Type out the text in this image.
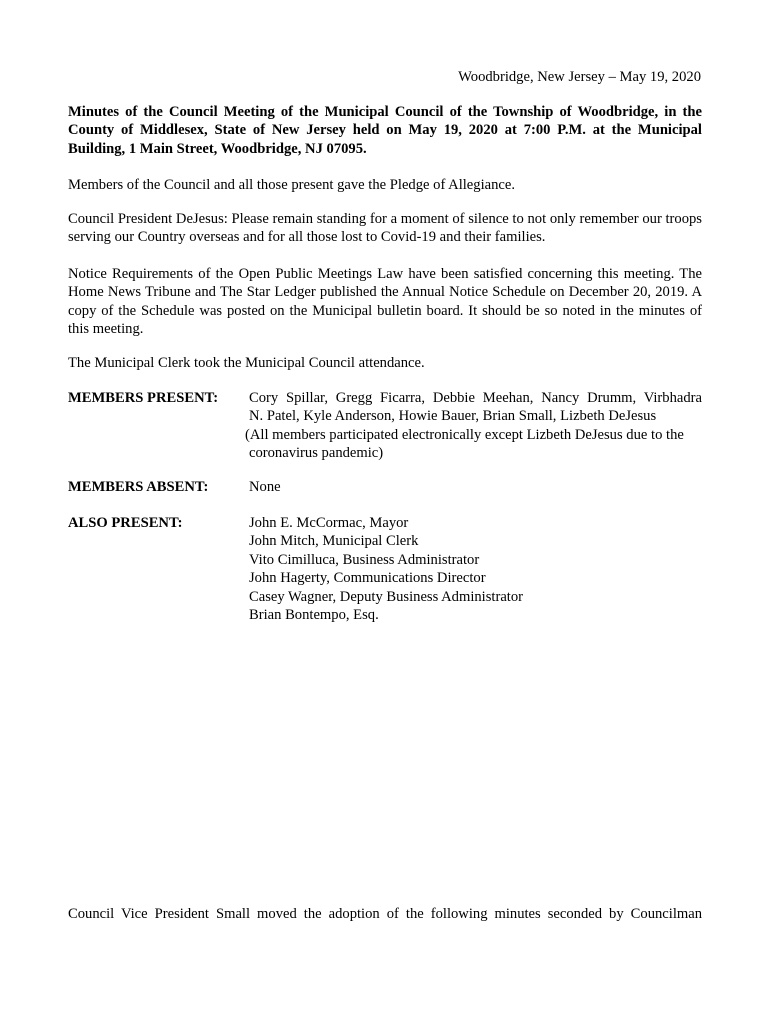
Woodbridge, New Jersey – May 19, 2020

Minutes of the Council Meeting of the Municipal Council of the Township of Woodbridge, in the County of Middlesex, State of New Jersey held on May 19, 2020 at 7:00 P.M. at the Municipal Building, 1 Main Street, Woodbridge, NJ 07095.

Members of the Council and all those present gave the Pledge of Allegiance.

Council President DeJesus: Please remain standing for a moment of silence to not only remember our troops serving our Country overseas and for all those lost to Covid-19 and their families.

Notice Requirements of the Open Public Meetings Law have been satisfied concerning this meeting. The Home News Tribune and The Star Ledger published the Annual Notice Schedule on December 20, 2019. A copy of the Schedule was posted on the Municipal bulletin board. It should be so noted in the minutes of this meeting.

The Municipal Clerk took the Municipal Council attendance.

MEMBERS PRESENT: Cory Spillar, Gregg Ficarra, Debbie Meehan, Nancy Drumm, Virbhadra
N. Patel, Kyle Anderson, Howie Bauer, Brian Small, Lizbeth DeJesus
(All members participated electronically except Lizbeth DeJesus due to the
coronavirus pandemic)
MEMBERS ABSENT:	None
ALSO PRESENT:	John E. McCormac, Mayor
John Mitch, Municipal Clerk
Vito Cimilluca, Business Administrator
John Hagerty, Communications Director
Casey Wagner, Deputy Business Administrator
Brian Bontempo, Esq.

Council Vice President Small moved the adoption of the following minutes seconded by Councilman
